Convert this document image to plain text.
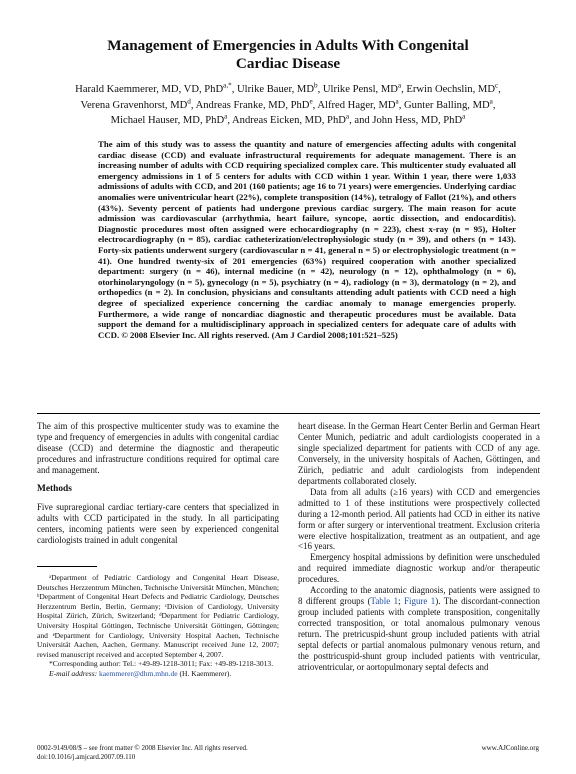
Management of Emergencies in Adults With Congenital
Cardiac Disease
Harald Kaemmerer, MD, VD, PhD$^{a,*}$, Ulrike Bauer, $MD^b$, Ulrike Pensl, $MD^a$, Erwin Oechslin, $MD^c$,
Verena Gravenhorst, $MD^d$, Andreas Franke, MD, PhD$^e$, Alfred Hager, $MD^a$, Gunter Balling, $MD^a$,
Michael Hauser, MD, PhD$^a$, Andreas Eicken, MD, PhD$^a$, and John Hess, MD, PhD$^a$

The aim of this study was to assess the quantity and nature of emergencies affecting adults with congenital cardiac disease (CCD) and evaluate infrastructural requirements for adequate management. There is an increasing number of adults with CCD requiring specialized complex care. This multicenter study evaluated all emergency admissions in 1 of 5 centers for adults with CCD within 1 year. Within 1 year, there were 1,033 admissions of adults with CCD, and 201 (160 patients; age 16 to 71 years) were emergencies. Underlying cardiac anomalies were univentricular heart (22%), complete transposition (14%), tetralogy of Fallot (21%), and others (43%). Seventy percent of patients had undergone previous cardiac surgery. The main reason for acute admission was cardiovascular (arrhythmia, heart failure, syncope, aortic dissection, and endocarditis). Diagnostic procedures most often assigned were echocardiography (n = 223), chest x-ray (n = 95), Holter electrocardiography (n = 85), cardiac catheterization/electrophysiologic study (n = 39), and others (n = 143). Forty-six patients underwent surgery (cardiovascular n = 41, general n = 5) or electrophysiologic treatment (n = 41). One hundred twenty-six of 201 emergencies (63%) required cooperation with another specialized department: surgery (n = 46), internal medicine (n = 42), neurology (n = 12), ophthalmology (n = 6), otorhinolaryngology (n = 5), gynecology (n = 5), psychiatry (n = 4), radiology (n = 3), dermatology (n = 2), and orthopedics (n = 2). In conclusion, physicians and consultants attending adult patients with CCD need a high degree of specialized experience concerning the cardiac anomaly to manage emergencies properly. Furthermore, a wide range of noncardiac diagnostic and therapeutic procedures must be available. Data support the demand for a multidisciplinary approach in specialized centers for adequate care of adults with CCD. © 2008 Elsevier Inc. All rights reserved. (Am J Cardiol 2008;101:521–525)

The aim of this prospective multicenter study was to examine the type and frequency of emergencies in adults with congenital cardiac disease (CCD) and determine the diagnostic and therapeutic procedures and infrastructure conditions required for optimal care and management.

Methods

Five supraregional cardiac tertiary-care centers that specialized in adults with CCD participated in the study. In all participating centers, incoming patients were seen by experienced congenital cardiologists trained in adult congenital

ᵃDepartment of Pediatric Cardiology and Congenital Heart Disease, Deutsches Herzzentrum München, Technische Universität München, München; ᵇDepartment of Congenital Heart Defects and Pediatric Cardiology, Deutsches Herzzentrum Berlin, Berlin, Germany; ᶜDivision of Cardiology, University Hospital Zürich, Zürich, Switzerland; ᵈDepartment for Pediatric Cardiology, University Hospital Göttingen, Technische Universität Göttingen, Göttingen; and ᵉDepartment for Cardiology, University Hospital Aachen, Technische Universität Aachen, Aachen, Germany. Manuscript received June 12, 2007; revised manuscript received and accepted September 4, 2007.

*Corresponding author: Tel.: +49-89-1218-3011; Fax: +49-89-1218-3013.

E-mail address: kaemmerer@dhm.mhn.de (H. Kaemmerer).

heart disease. In the German Heart Center Berlin and German Heart Center Munich, pediatric and adult cardiologists cooperated in a single specialized department for patients with CCD of any age. Conversely, in the university hospitals of Aachen, Göttingen, and Zürich, pediatric and adult cardiologists from independent departments collaborated closely.

Data from all adults (≥16 years) with CCD and emergencies admitted to 1 of these institutions were prospectively collected during a 12-month period. All patients had CCD in either its native form or after surgery or interventional treatment. Exclusion criteria were elective hospitalization, treatment as an outpatient, and age <16 years.

Emergency hospital admissions by definition were unscheduled and required immediate diagnostic workup and/or therapeutic procedures.

According to the anatomic diagnosis, patients were assigned to 8 different groups (Table 1; Figure 1). The discordant-connection group included patients with complete transposition, congenitally corrected transposition, or total anomalous pulmonary venous return. The pretricuspid-shunt group included patients with atrial septal defects or partial anomalous pulmonary venous return, and the posttricuspid-shunt group included patients with ventricular, atrioventricular, or aortopulmonary septal defects and

0002-9149/08/$ – see front matter © 2008 Elsevier Inc. All rights reserved.
doi:10.1016/j.amjcard.2007.09.110
www.AJConline.org
